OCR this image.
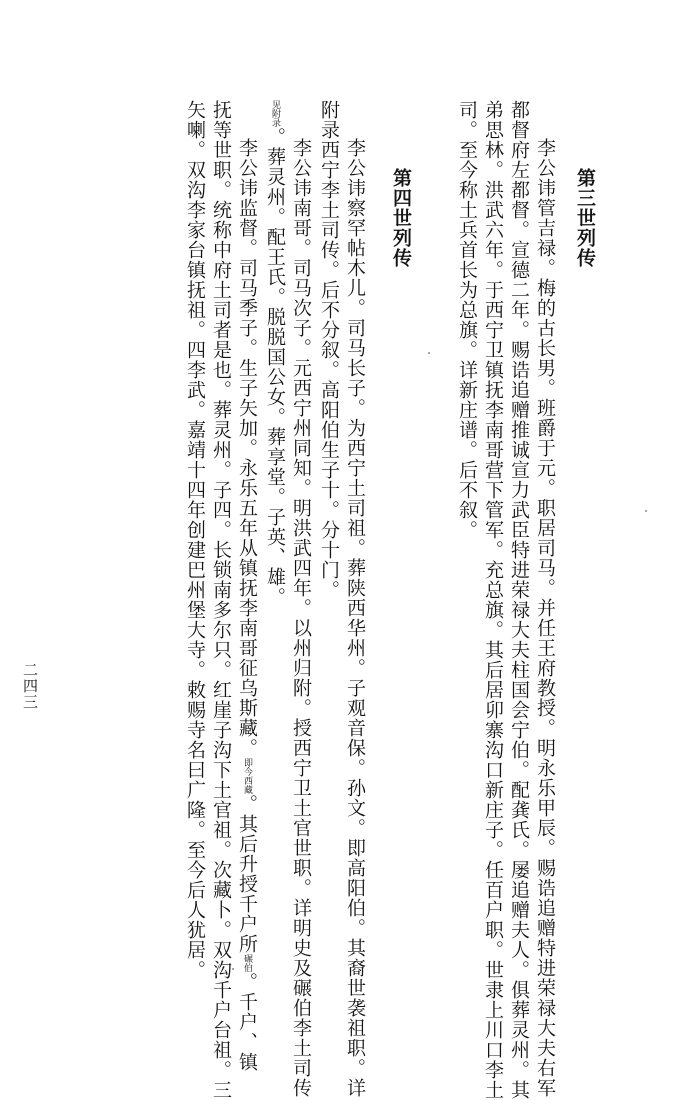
第三世列传
李公讳管吉禄。梅的古长男。班爵于元。职居司马。并任王府教授。明永乐甲辰。赐诰追赠特进荣禄大夫右军
都督府左都督。宣德二年。赐诰追赠推诚宣力武臣特进荣禄大夫柱国会宁伯。配龚氏。屡追赠夫人。俱葬灵州。其
弟思林。洪武六年。于西宁卫镇抚李南哥营下管军。充总旗。其后居卯寨沟口新庄子。任百户职。世隶上川口李土
司。至今称土兵首长为总旗。详新庄谱。后不叙。
第四世列传
李公讳察罕帖木儿。司马长子。为西宁土司祖。葬陕西华州。子观音保。孙文。即高阳伯。其裔世袭祖职。详
附录西宁李土司传。后不分叙。高阳伯生子十。分十门。
李公讳南哥。司马次子。元西宁州同知。明洪武四年。以州归附。授西宁卫土官世职。详明史及碾伯李土司传
见附录。葬灵州。配王氏。脱脱国公女。葬享堂。子英、雄。
李公讳监督。司马季子。生子矢加。永乐五年从镇抚李南哥征乌斯藏。即今西藏。其后升授千户所碾伯。千户、镇
抚等世职。统称中府土司者是也。葬灵州。子四。长锁南多尔只。红崖子沟下土官祖。次藏卜。双沟千户台祖。三
矢喇。双沟李家台镇抚祖。四李武。嘉靖十四年创建巴州堡大寺。敕赐寺名曰广隆。至今后人犹居。
二四三
